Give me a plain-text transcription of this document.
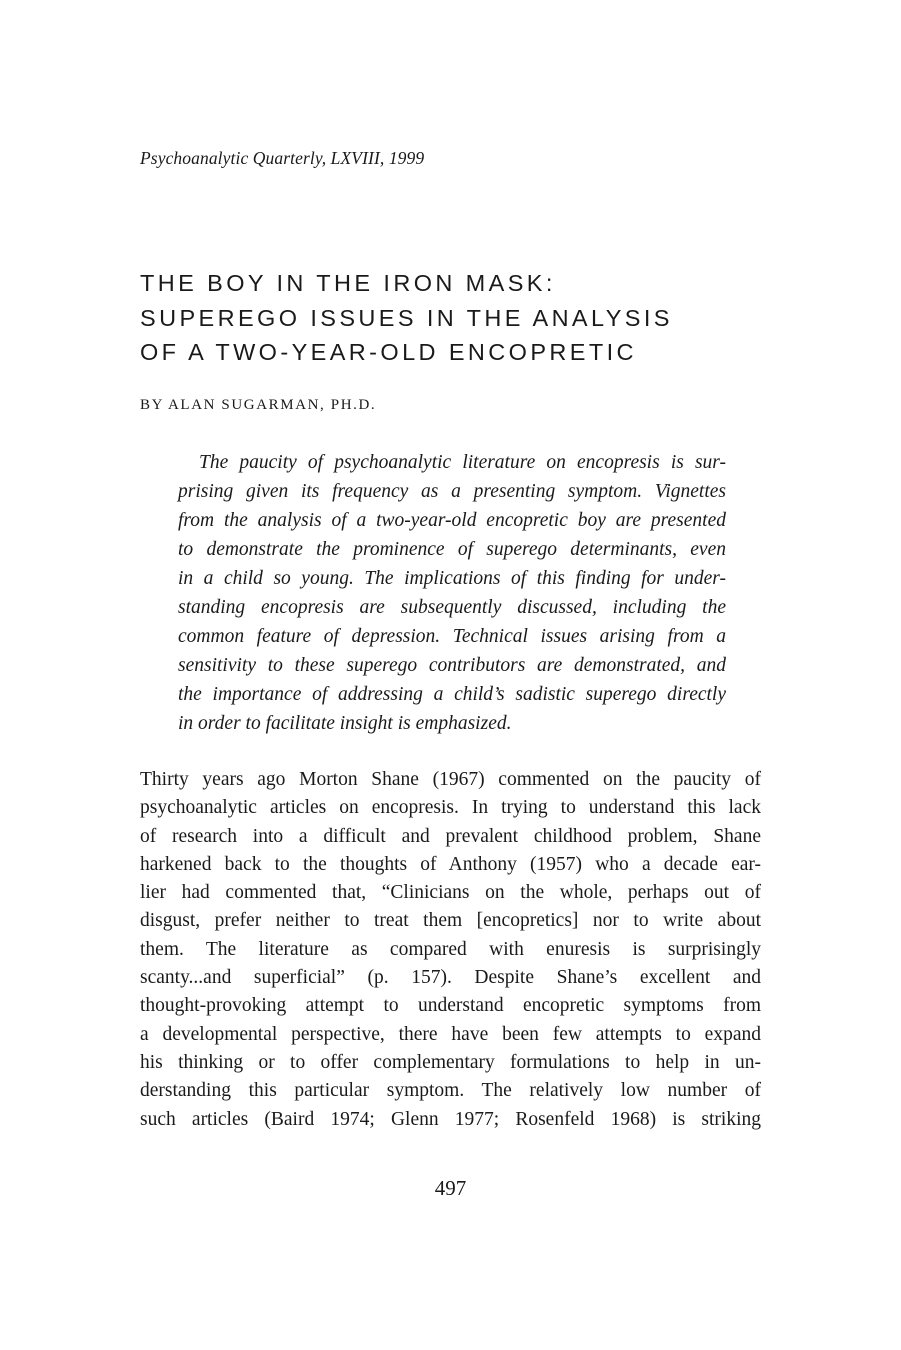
Psychoanalytic Quarterly, LXVIII, 1999
THE BOY IN THE IRON MASK:
SUPEREGO ISSUES IN THE ANALYSIS
OF A TWO-YEAR-OLD ENCOPRETIC
BY ALAN SUGARMAN, PH.D.

The paucity of psychoanalytic literature on encopresis is sur-
prising given its frequency as a presenting symptom. Vignettes
from the analysis of a two-year-old encopretic boy are presented
to demonstrate the prominence of superego determinants, even
in a child so young. The implications of this finding for under-
standing encopresis are subsequently discussed, including the
common feature of depression. Technical issues arising from a
sensitivity to these superego contributors are demonstrated, and
the importance of addressing a child’s sadistic superego directly
in order to facilitate insight is emphasized.

Thirty years ago Morton Shane (1967) commented on the paucity of
psychoanalytic articles on encopresis. In trying to understand this lack
of research into a difficult and prevalent childhood problem, Shane
harkened back to the thoughts of Anthony (1957) who a decade ear-
lier had commented that, “Clinicians on the whole, perhaps out of
disgust, prefer neither to treat them [encopretics] nor to write about
them. The literature as compared with enuresis is surprisingly
scanty...and superficial” (p. 157). Despite Shane’s excellent and
thought-provoking attempt to understand encopretic symptoms from
a developmental perspective, there have been few attempts to expand
his thinking or to offer complementary formulations to help in un-
derstanding this particular symptom. The relatively low number of
such articles (Baird 1974; Glenn 1977; Rosenfeld 1968) is striking

497
